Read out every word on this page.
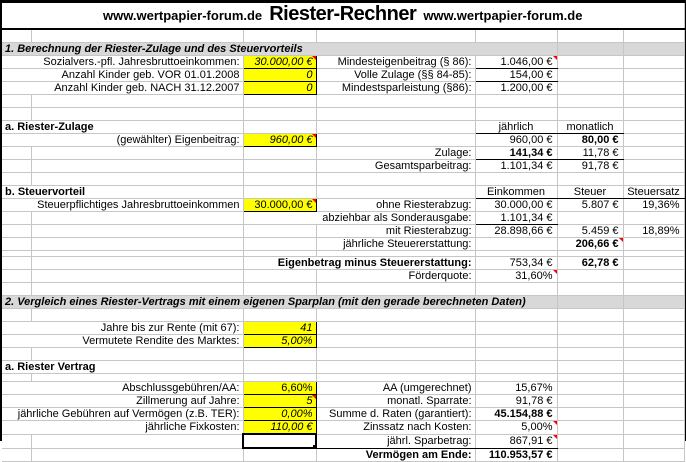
www.wertpapier-forum.de Riester-Rechner www.wertpapier-forum.de						

1. Berechnung der Riester-Zulage und des Steuervorteils						
Sozialvers.-pfl. Jahresbruttoeinkommen:		30.000,00 €	Mindesteigenbeitrag (§ 86):	1.046,00 €

Anzahl Kinder geb. VOR 01.01.2008		0	Volle Zulage (§§ 84-85):	154,00 €		
Anzahl Kinder geb. NACH 31.12.2007		0	Mindestsparleistung (§86):	1.200,00 €		

a. Riester-Zulage				jährlich	monatlich	
(gewählter) Eigenbeitrag:		960,00 €		960,00 €	80,00 €	
			Zulage:	141,34 €	11,78 €	
			Gesamtsparbeitrag:	1.101,34 €	91,78 €	

b. Steuervorteil				Einkommen	Steuer	Steuersatz
Steuerpflichtiges Jahresbruttoeinkommen		30.000,00 €	ohne Riesterabzug:	30.000,00 €	5.807 €	19,36%
		abziehbar als Sonderausgabe:		1.101,34 €		
			mit Riesterabzug:	28.898,66 €	5.459 €	18,89%
			jährliche Steuererstattung:		206,66 €

		Eigenbetrag minus Steuererstattung:		753,34 €	62,78 €	
			Förderquote:	31,60%

2. Vergleich eines Riester-Vertrags mit einem eigenen Sparplan (mit den gerade berechneten Daten)						

Jahre bis zur Rente (mit 67):		41				
Vermutete Rendite des Marktes:		5,00%				

a. Riester Vertrag						

Abschlussgebühren/AA:		6,60%	AA (umgerechnet)	15,67%		
Zillmerung auf Jahre:		5	monatl. Sparrate:	91,78 €		
jährliche Gebühren auf Vermögen (z.B. TER):		0,00%	Summe d. Raten (garantiert):	45.154,88 €		
jährliche Fixkosten:		110,00 €	Zinssatz nach Kosten:	5,00%

	jährl. Sparbetrag:	867,91 €

			Vermögen am Ende:	110.953,57 €		
